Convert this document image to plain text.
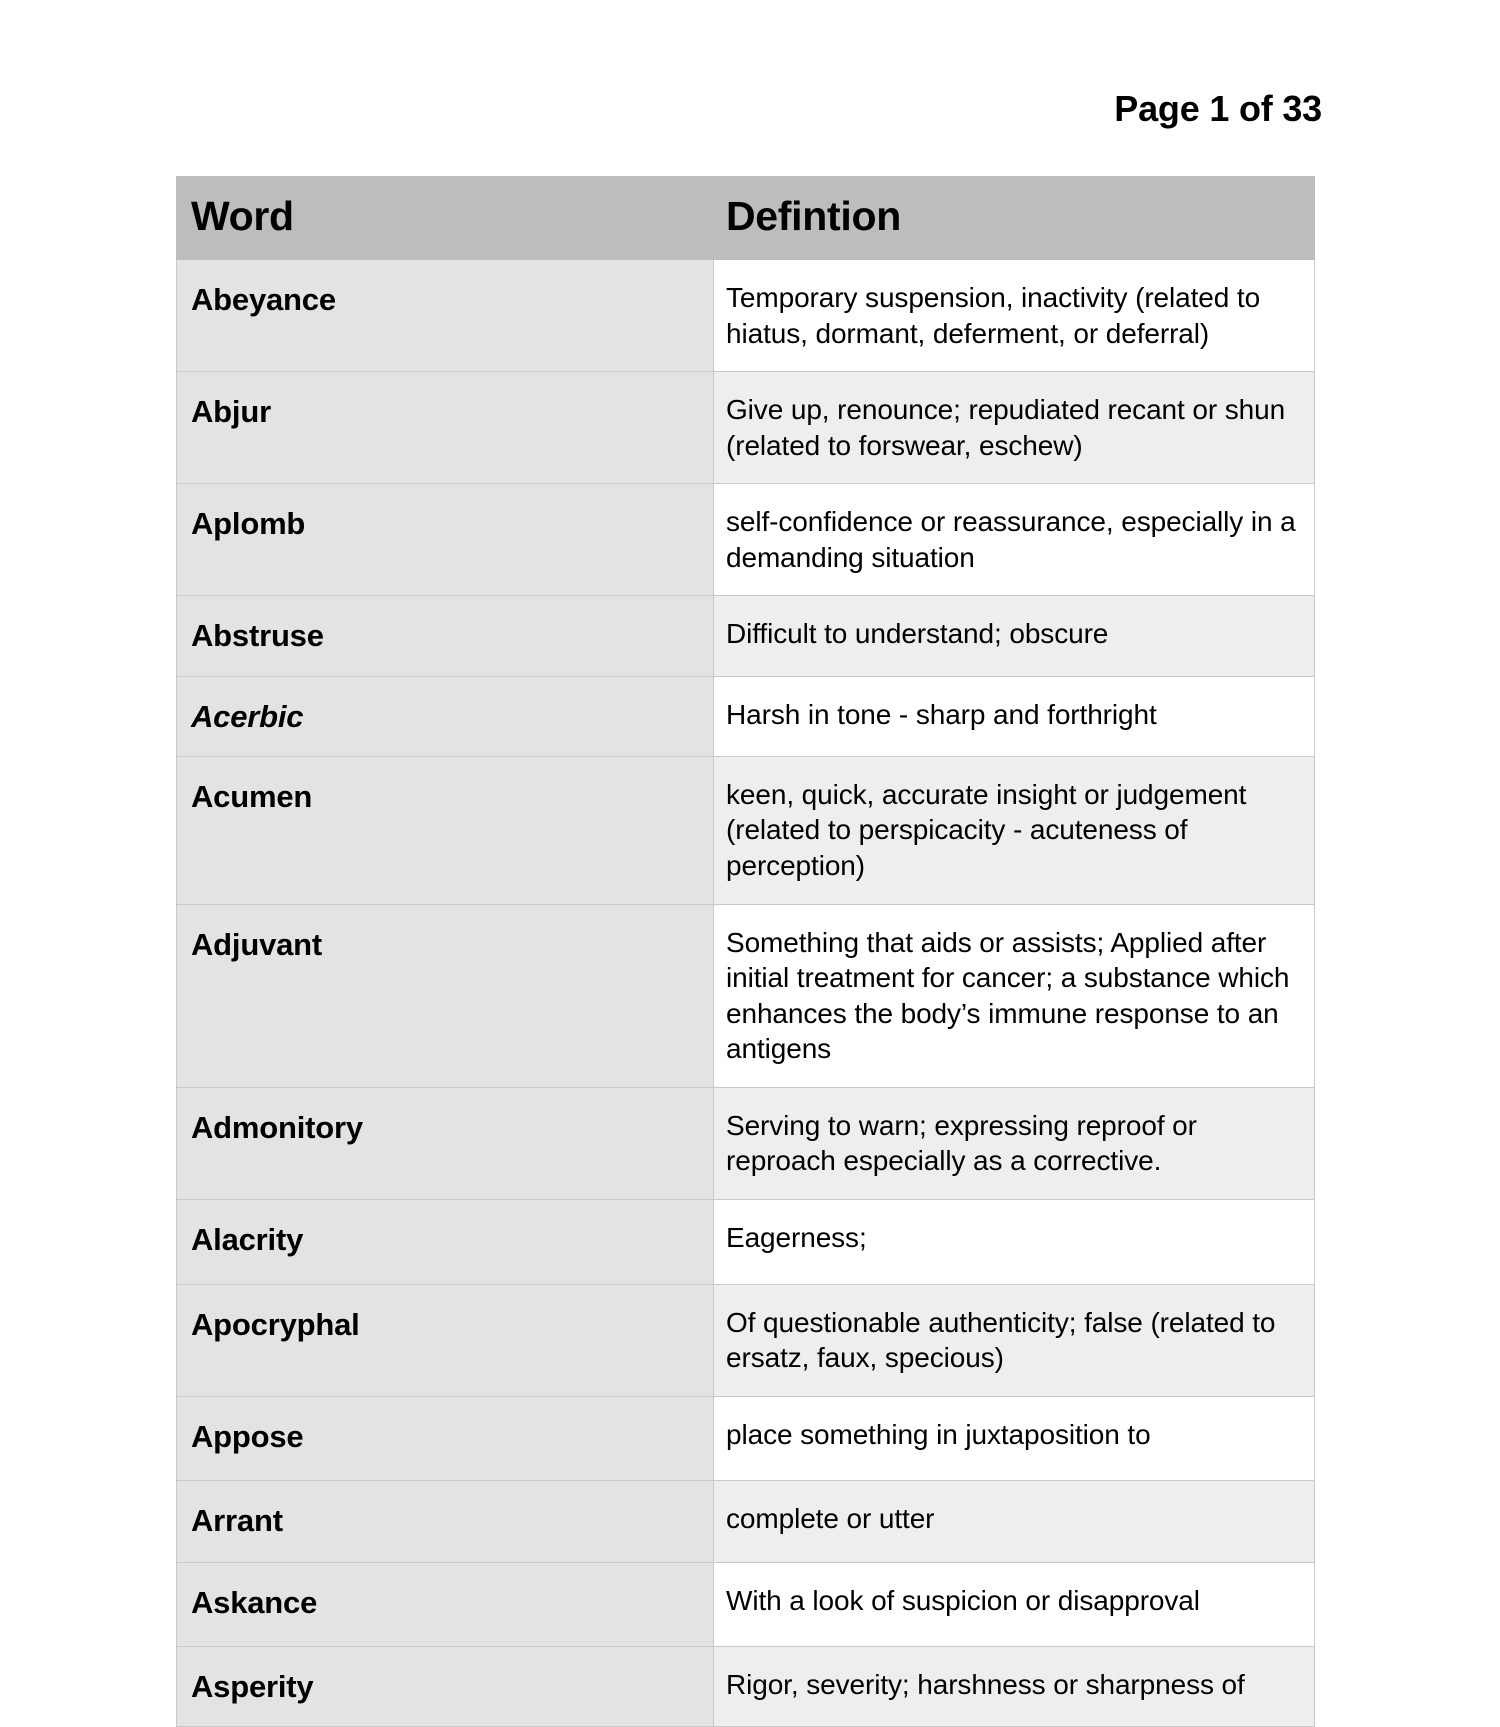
Page 1 of 33
Word	Defintion

Abeyance	Temporary suspension, inactivity (related to hiatus, dormant, deferment, or deferral)

Abjur	Give up, renounce; repudiated recant or shun (related to forswear, eschew)

Aplomb	self-confidence or reassurance, especially in a demanding situation

Abstruse	Difficult to understand; obscure

Acerbic	Harsh in tone - sharp and forthright

Acumen	keen, quick, accurate insight or judgement (related to perspicacity - acuteness of perception)

Adjuvant	Something that aids or assists; Applied after initial treatment for cancer; a substance which enhances the body’s immune response to an antigens

Admonitory	Serving to warn; expressing reproof or reproach especially as a corrective.

Alacrity	Eagerness;

Apocryphal	Of questionable authenticity; false (related to ersatz, faux, specious)

Appose	place something in juxtaposition to

Arrant	complete or utter

Askance	With a look of suspicion or disapproval

Asperity	Rigor, severity; harshness or sharpness of
